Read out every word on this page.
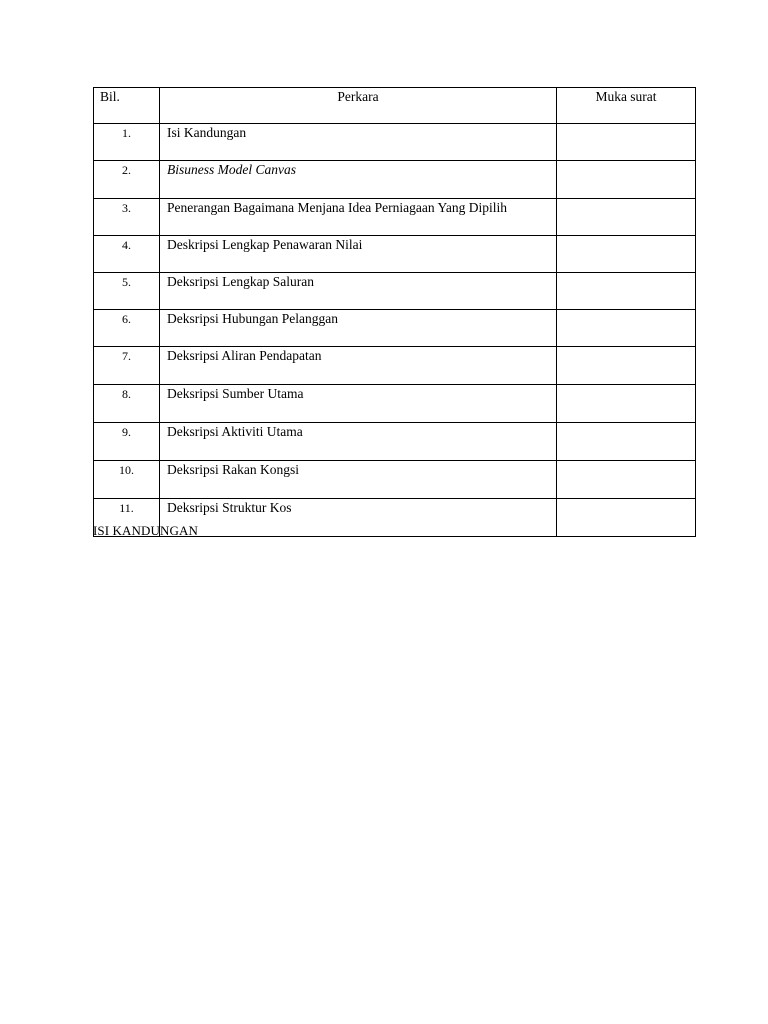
Bil.	Perkara	Muka surat
1.	Isi Kandungan	
2.	Bisuness Model Canvas	
3.	Penerangan Bagaimana Menjana Idea Perniagaan Yang Dipilih	
4.	Deskripsi Lengkap Penawaran Nilai	
5.	Deksripsi Lengkap Saluran	
6.	Deksripsi Hubungan Pelanggan	
7.	Deksripsi Aliran Pendapatan	
8.	Deksripsi Sumber Utama	
9.	Deksripsi Aktiviti Utama	
10.	Deksripsi Rakan Kongsi	
11.	Deksripsi Struktur Kos	
ISI KANDUNGAN
